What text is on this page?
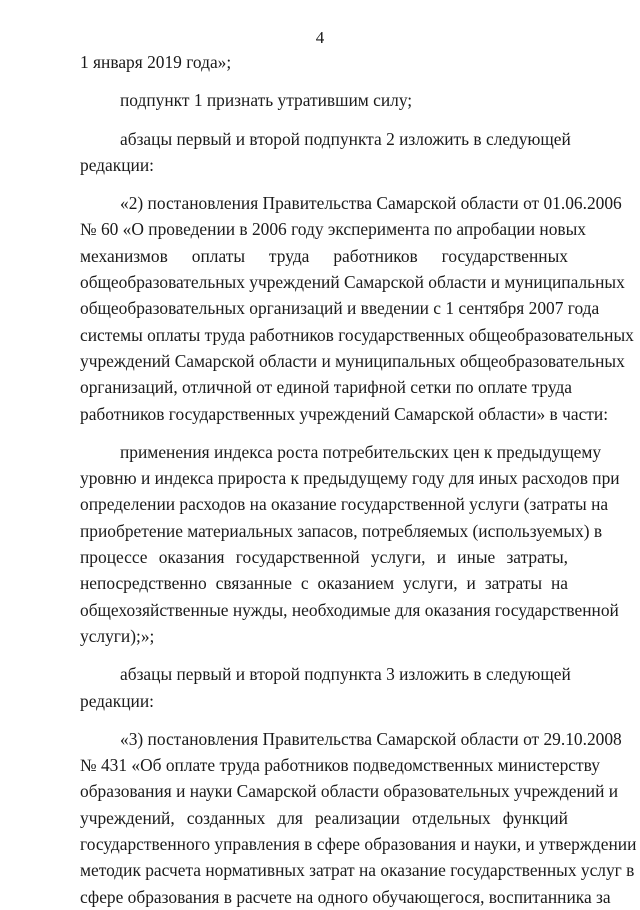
4
1 января 2019 года»;
подпункт 1 признать утратившим силу;
абзацы первый и второй подпункта 2 изложить в следующей
редакции:
«2) постановления Правительства Самарской области от 01.06.2006
№ 60 «О проведении в 2006 году эксперимента по апробации новых
механизмов оплаты труда работников государственных
общеобразовательных учреждений Самарской области и муниципальных
общеобразовательных организаций и введении с 1 сентября 2007 года
системы оплаты труда работников государственных общеобразовательных
учреждений Самарской области и муниципальных общеобразовательных
организаций, отличной от единой тарифной сетки по оплате труда
работников государственных учреждений Самарской области» в части:
применения индекса роста потребительских цен к предыдущему
уровню и индекса прироста к предыдущему году для иных расходов при
определении расходов на оказание государственной услуги (затраты на
приобретение материальных запасов, потребляемых (используемых) в
процессе оказания государственной услуги, и иные затраты,
непосредственно связанные с оказанием услуги, и затраты на
общехозяйственные нужды, необходимые для оказания государственной
услуги);»;
абзацы первый и второй подпункта 3 изложить в следующей
редакции:
«3) постановления Правительства Самарской области от 29.10.2008
№ 431 «Об оплате труда работников подведомственных министерству
образования и науки Самарской области образовательных учреждений и
учреждений, созданных для реализации отдельных функций
государственного управления в сфере образования и науки, и утверждении
методик расчета нормативных затрат на оказание государственных услуг в
сфере образования в расчете на одного обучающегося, воспитанника за
